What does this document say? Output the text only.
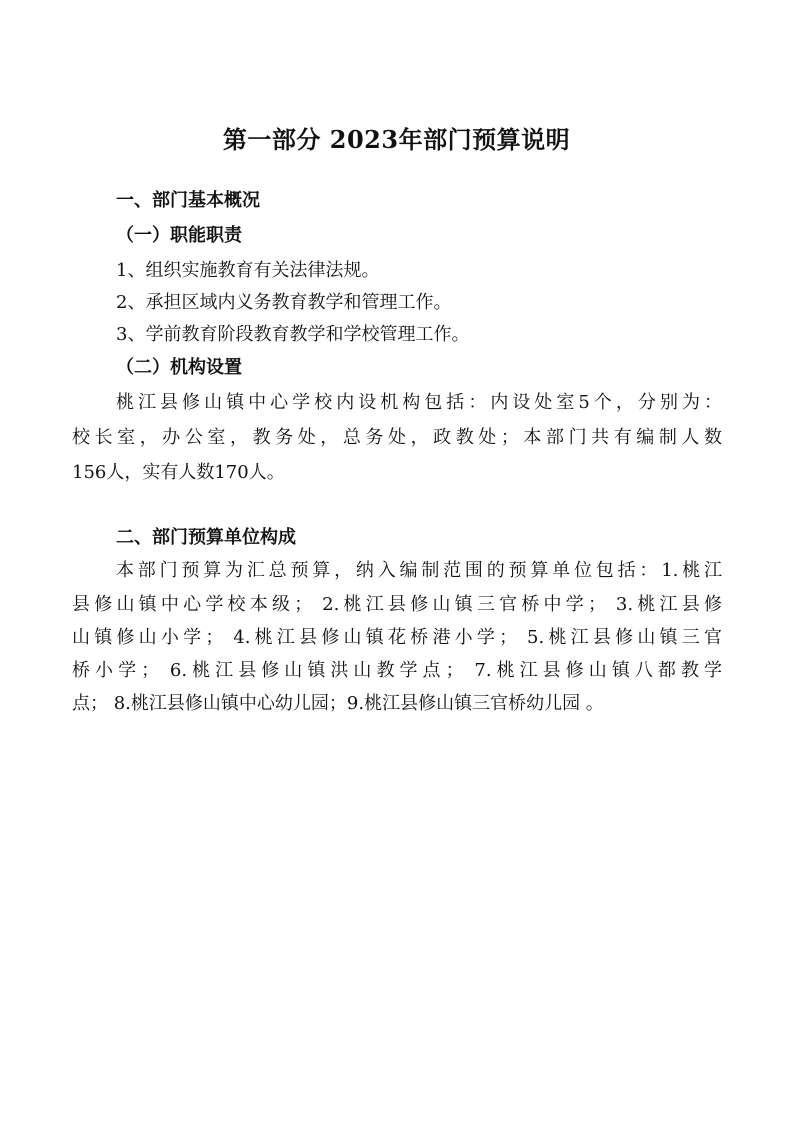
第一部分 2023年部门预算说明
一、部门基本概况
（一）职能职责
1、组织实施教育有关法律法规。
2、承担区域内义务教育教学和管理工作。
3、学前教育阶段教育教学和学校管理工作。
（二）机构设置
桃江县修山镇中心学校内设机构包括：内设处室5个，分别为：
校长室，办公室，教务处，总务处，政教处；本部门共有编制人数
156人，实有人数170人。
二、部门预算单位构成
本部门预算为汇总预算，纳入编制范围的预算单位包括：1.桃江
县修山镇中心学校本级； 2.桃江县修山镇三官桥中学； 3.桃江县修
山镇修山小学； 4.桃江县修山镇花桥港小学； 5.桃江县修山镇三官
桥小学； 6.桃江县修山镇洪山教学点； 7.桃江县修山镇八都教学
点； 8.桃江县修山镇中心幼儿园；9.桃江县修山镇三官桥幼儿园 。
